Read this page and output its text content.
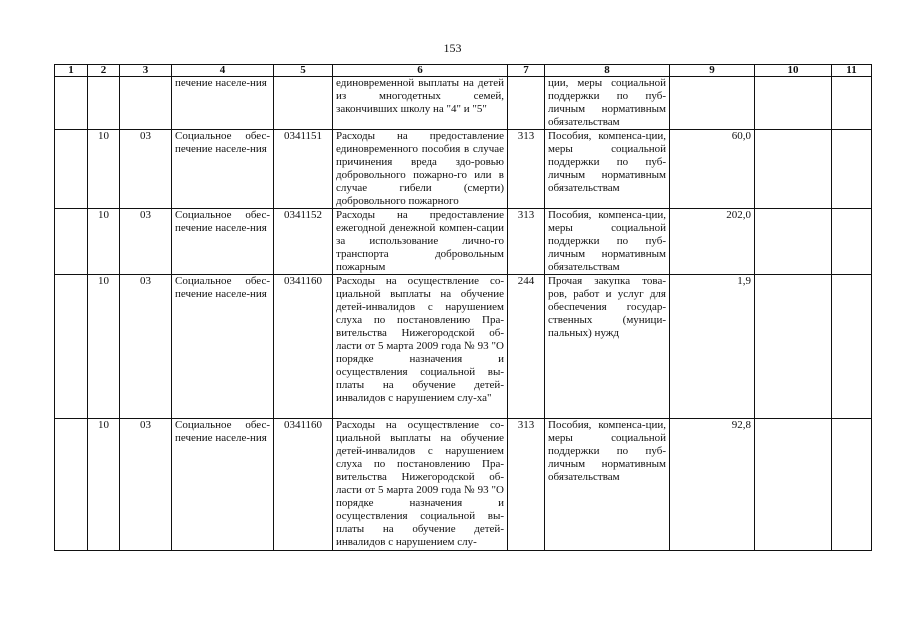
153
1	2	3	4	5	6	7	8	9	10	11
			печение населе-ния		единовременной выплаты на детей из многодетных семей, закончивших школу на "4" и "5"		ции, меры социальной поддержки по пуб-личным нормативным обязательствам			
	10	03	Социальное обес-печение населе-ния	0341151	Расходы на предоставление единовременного пособия в случае причинения вреда здо-ровью добровольного пожарно-го или в случае гибели (смерти) добровольного пожарного	313	Пособия, компенса-ции, меры социальной поддержки по пуб-личным нормативным обязательствам	60,0		
	10	03	Социальное обес-печение населе-ния	0341152	Расходы на предоставление ежегодной денежной компен-сации за использование лично-го транспорта добровольным пожарным	313	Пособия, компенса-ции, меры социальной поддержки по пуб-личным нормативным обязательствам	202,0		
	10	03	Социальное обес-печение населе-ния	0341160	Расходы на осуществление со-циальной выплаты на обучение детей-инвалидов с нарушением слуха по постановлению Пра-вительства Нижегородской об-ласти от 5 марта 2009 года № 93 "О порядке назначения и осуществления социальной вы-платы на обучение детей-инвалидов с нарушением слу-ха"	244	Прочая закупка това-ров, работ и услуг для обеспечения государ-ственных (муници-пальных) нужд	1,9		
	10	03	Социальное обес-печение населе-ния	0341160	Расходы на осуществление со-циальной выплаты на обучение детей-инвалидов с нарушением слуха по постановлению Пра-вительства Нижегородской об-ласти от 5 марта 2009 года № 93 "О порядке назначения и осуществления социальной вы-платы на обучение детей-инвалидов с нарушением слу-	313	Пособия, компенса-ции, меры социальной поддержки по пуб-личным нормативным обязательствам	92,8		
